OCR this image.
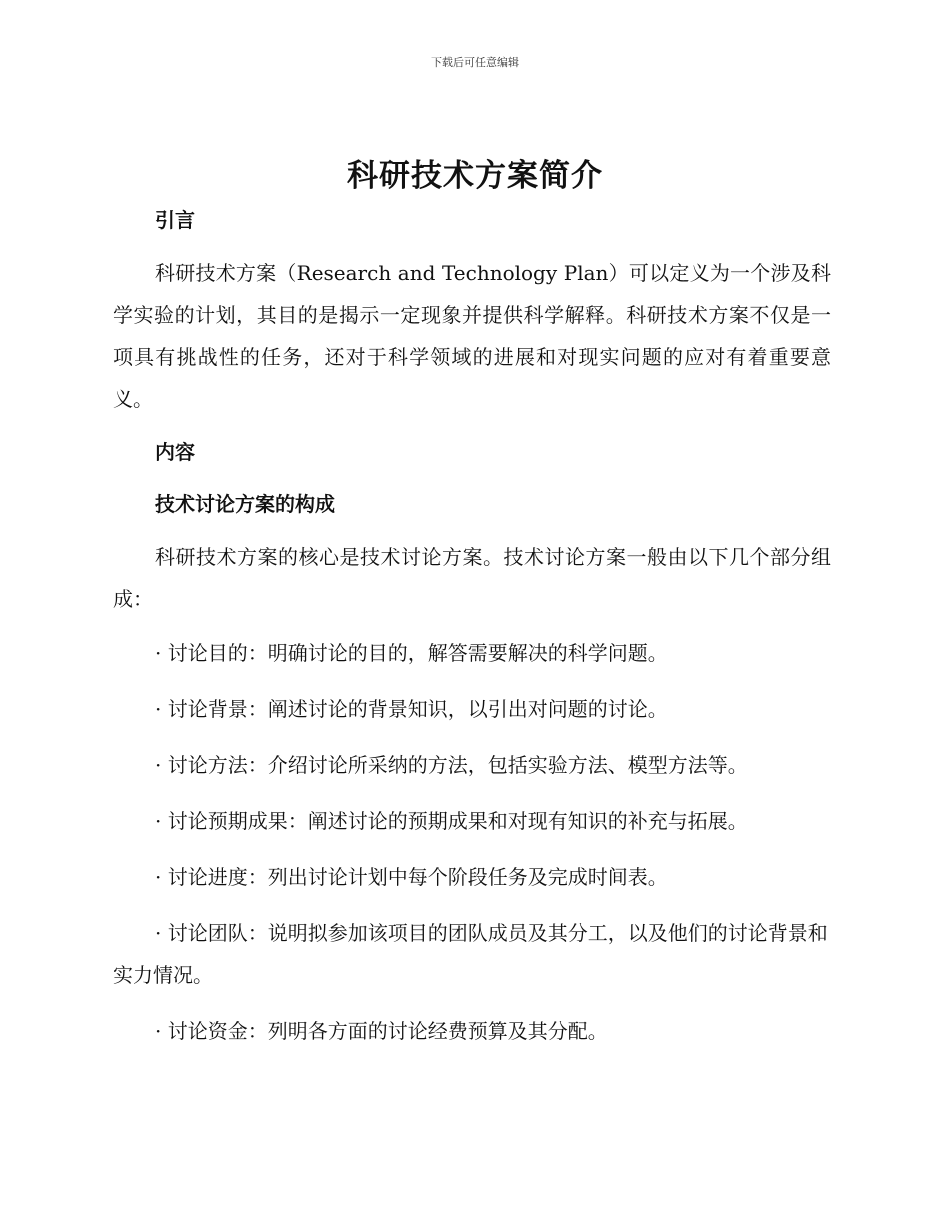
下载后可任意编辑
科研技术方案简介
引言

科研技术方案（Research and Technology Plan）可以定义为一个涉及科学实验的计划，其目的是揭示一定现象并提供科学解释。科研技术方案不仅是一项具有挑战性的任务，还对于科学领域的进展和对现实问题的应对有着重要意义。

内容
技术讨论方案的构成

科研技术方案的核心是技术讨论方案。技术讨论方案一般由以下几个部分组成：

· 讨论目的：明确讨论的目的，解答需要解决的科学问题。

· 讨论背景：阐述讨论的背景知识，以引出对问题的讨论。

· 讨论方法：介绍讨论所采纳的方法，包括实验方法、模型方法等。

· 讨论预期成果：阐述讨论的预期成果和对现有知识的补充与拓展。

· 讨论进度：列出讨论计划中每个阶段任务及完成时间表。

· 讨论团队：说明拟参加该项目的团队成员及其分工，以及他们的讨论背景和实力情况。

· 讨论资金：列明各方面的讨论经费预算及其分配。
